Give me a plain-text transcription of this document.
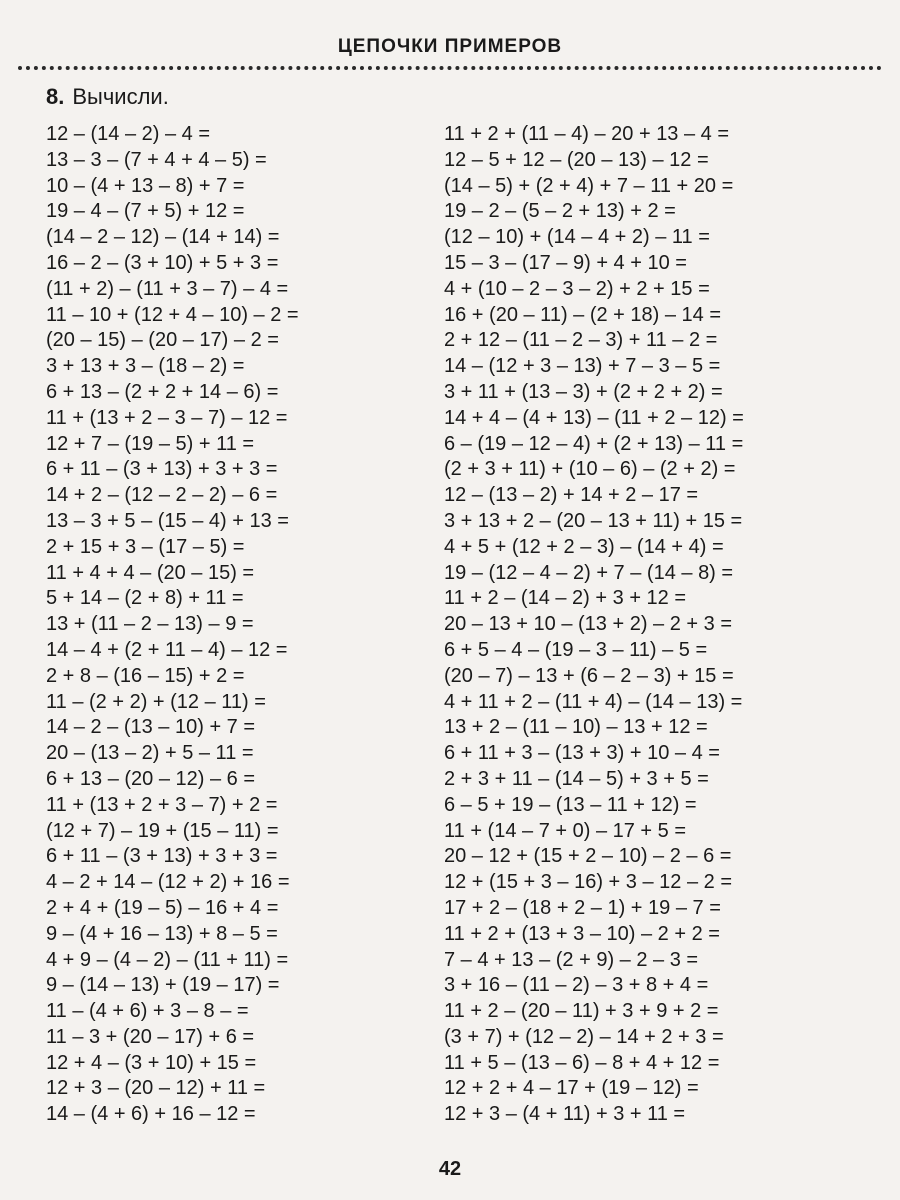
ЦЕПОЧКИ ПРИМЕРОВ
8. Вычисли.
12 – (14 – 2) – 4 =
13 – 3 – (7 + 4 + 4 – 5) =
10 – (4 + 13 – 8) + 7 =
19 – 4 – (7 + 5) + 12 =
(14 – 2 – 12) – (14 + 14) =
16 – 2 – (3 + 10) + 5 + 3 =
(11 + 2) – (11 + 3 – 7) – 4 =
11 – 10 + (12 + 4 – 10) – 2 =
(20 – 15) – (20 – 17) – 2 =
3 + 13 + 3 – (18 – 2) =
6 + 13 – (2 + 2 + 14 – 6) =
11 + (13 + 2 – 3 – 7) – 12 =
12 + 7 – (19 – 5) + 11 =
6 + 11 – (3 + 13) + 3 + 3 =
14 + 2 – (12 – 2 – 2) – 6 =
13 – 3 + 5 – (15 – 4) + 13 =
2 + 15 + 3 – (17 – 5) =
11 + 4 + 4 – (20 – 15) =
5 + 14 – (2 + 8) + 11 =
13 + (11 – 2 – 13) – 9 =
14 – 4 + (2 + 11 – 4) – 12 =
2 + 8 – (16 – 15) + 2 =
11 – (2 + 2) + (12 – 11) =
14 – 2 – (13 – 10) + 7 =
20 – (13 – 2) + 5 – 11 =
6 + 13 – (20 – 12) – 6 =
11 + (13 + 2 + 3 – 7) + 2 =
(12 + 7) – 19 + (15 – 11) =
6 + 11 – (3 + 13) + 3 + 3 =
4 – 2 + 14 – (12 + 2) + 16 =
2 + 4 + (19 – 5) – 16 + 4 =
9 – (4 + 16 – 13) + 8 – 5 =
4 + 9 – (4 – 2) – (11 + 11) =
9 – (14 – 13) + (19 – 17) =
11 – (4 + 6) + 3 – 8 – =
11 – 3 + (20 – 17) + 6 =
12 + 4 – (3 + 10) + 15 =
12 + 3 – (20 – 12) + 11 =
14 – (4 + 6) + 16 – 12 =
11 + 2 + (11 – 4) – 20 + 13 – 4 =
12 – 5 + 12 – (20 – 13) – 12 =
(14 – 5) + (2 + 4) + 7 – 11 + 20 =
19 – 2 – (5 – 2 + 13) + 2 =
(12 – 10) + (14 – 4 + 2) – 11 =
15 – 3 – (17 – 9) + 4 + 10 =
4 + (10 – 2 – 3 – 2) + 2 + 15 =
16 + (20 – 11) – (2 + 18) – 14 =
2 + 12 – (11 – 2 – 3) + 11 – 2 =
14 – (12 + 3 – 13) + 7 – 3 – 5 =
3 + 11 + (13 – 3) + (2 + 2 + 2) =
14 + 4 – (4 + 13) – (11 + 2 – 12) =
6 – (19 – 12 – 4) + (2 + 13) – 11 =
(2 + 3 + 11) + (10 – 6) – (2 + 2) =
12 – (13 – 2) + 14 + 2 – 17 =
3 + 13 + 2 – (20 – 13 + 11) + 15 =
4 + 5 + (12 + 2 – 3) – (14 + 4) =
19 – (12 – 4 – 2) + 7 – (14 – 8) =
11 + 2 – (14 – 2) + 3 + 12 =
20 – 13 + 10 – (13 + 2) – 2 + 3 =
6 + 5 – 4 – (19 – 3 – 11) – 5 =
(20 – 7) – 13 + (6 – 2 – 3) + 15 =
4 + 11 + 2 – (11 + 4) – (14 – 13) =
13 + 2 – (11 – 10) – 13 + 12 =
6 + 11 + 3 – (13 + 3) + 10 – 4 =
2 + 3 + 11 – (14 – 5) + 3 + 5 =
6 – 5 + 19 – (13 – 11 + 12) =
11 + (14 – 7 + 0) – 17 + 5 =
20 – 12 + (15 + 2 – 10) – 2 – 6 =
12 + (15 + 3 – 16) + 3 – 12 – 2 =
17 + 2 – (18 + 2 – 1) + 19 – 7 =
11 + 2 + (13 + 3 – 10) – 2 + 2 =
7 – 4 + 13 – (2 + 9) – 2 – 3 =
3 + 16 – (11 – 2) – 3 + 8 + 4 =
11 + 2 – (20 – 11) + 3 + 9 + 2 =
(3 + 7) + (12 – 2) – 14 + 2 + 3 =
11 + 5 – (13 – 6) – 8 + 4 + 12 =
12 + 2 + 4 – 17 + (19 – 12) =
12 + 3 – (4 + 11) + 3 + 11 =
42
